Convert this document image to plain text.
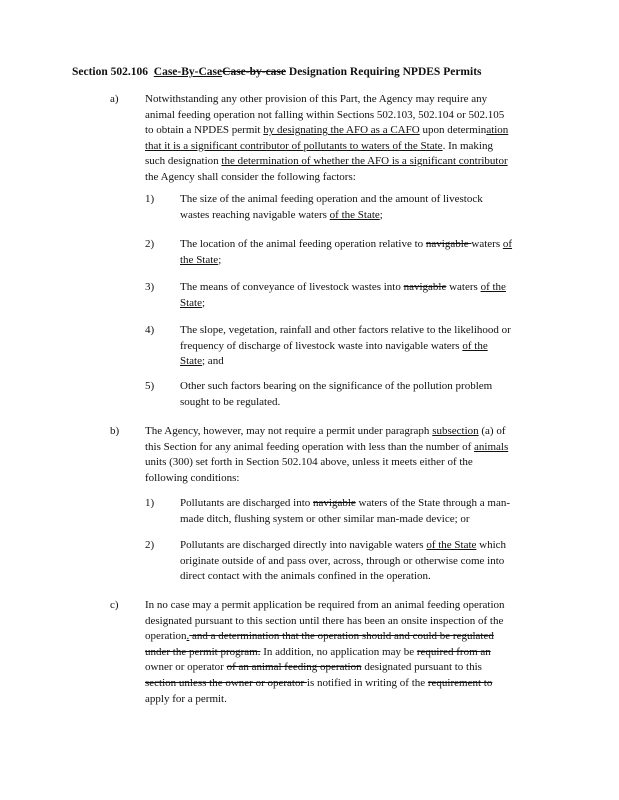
Section 502.106 Case-By-CaseCase-by-case Designation Requiring NPDES Permits
a) Notwithstanding any other provision of this Part, the Agency may require any
animal feeding operation not falling within Sections 502.103, 502.104 or 502.105
to obtain a NPDES permit by designating the AFO as a CAFO upon determination
that it is a significant contributor of pollutants to waters of the State. In making
such designation the determination of whether the AFO is a significant contributor
the Agency shall consider the following factors:
1) The size of the animal feeding operation and the amount of livestock
wastes reaching navigable waters of the State;
2) The location of the animal feeding operation relative to navigable waters of
the State;
3) The means of conveyance of livestock wastes into navigable waters of the
State;
4) The slope, vegetation, rainfall and other factors relative to the likelihood or
frequency of discharge of livestock waste into navigable waters of the
State; and
5) Other such factors bearing on the significance of the pollution problem
sought to be regulated.
b) The Agency, however, may not require a permit under paragraph subsection (a) of
this Section for any animal feeding operation with less than the number of animals
units (300) set forth in Section 502.104 above, unless it meets either of the
following conditions:
1) Pollutants are discharged into navigable waters of the State through a man-
made ditch, flushing system or other similar man-made device; or
2) Pollutants are discharged directly into navigable waters of the State which
originate outside of and pass over, across, through or otherwise come into
direct contact with the animals confined in the operation.
c) In no case may a permit application be required from an animal feeding operation
designated pursuant to this section until there has been an onsite inspection of the
operation. and a determination that the operation should and could be regulated
under the permit program. In addition, no application may be required from an
owner or operator of an animal feeding operation designated pursuant to this
section unless the owner or operator is notified in writing of the requirement to
apply for a permit.
